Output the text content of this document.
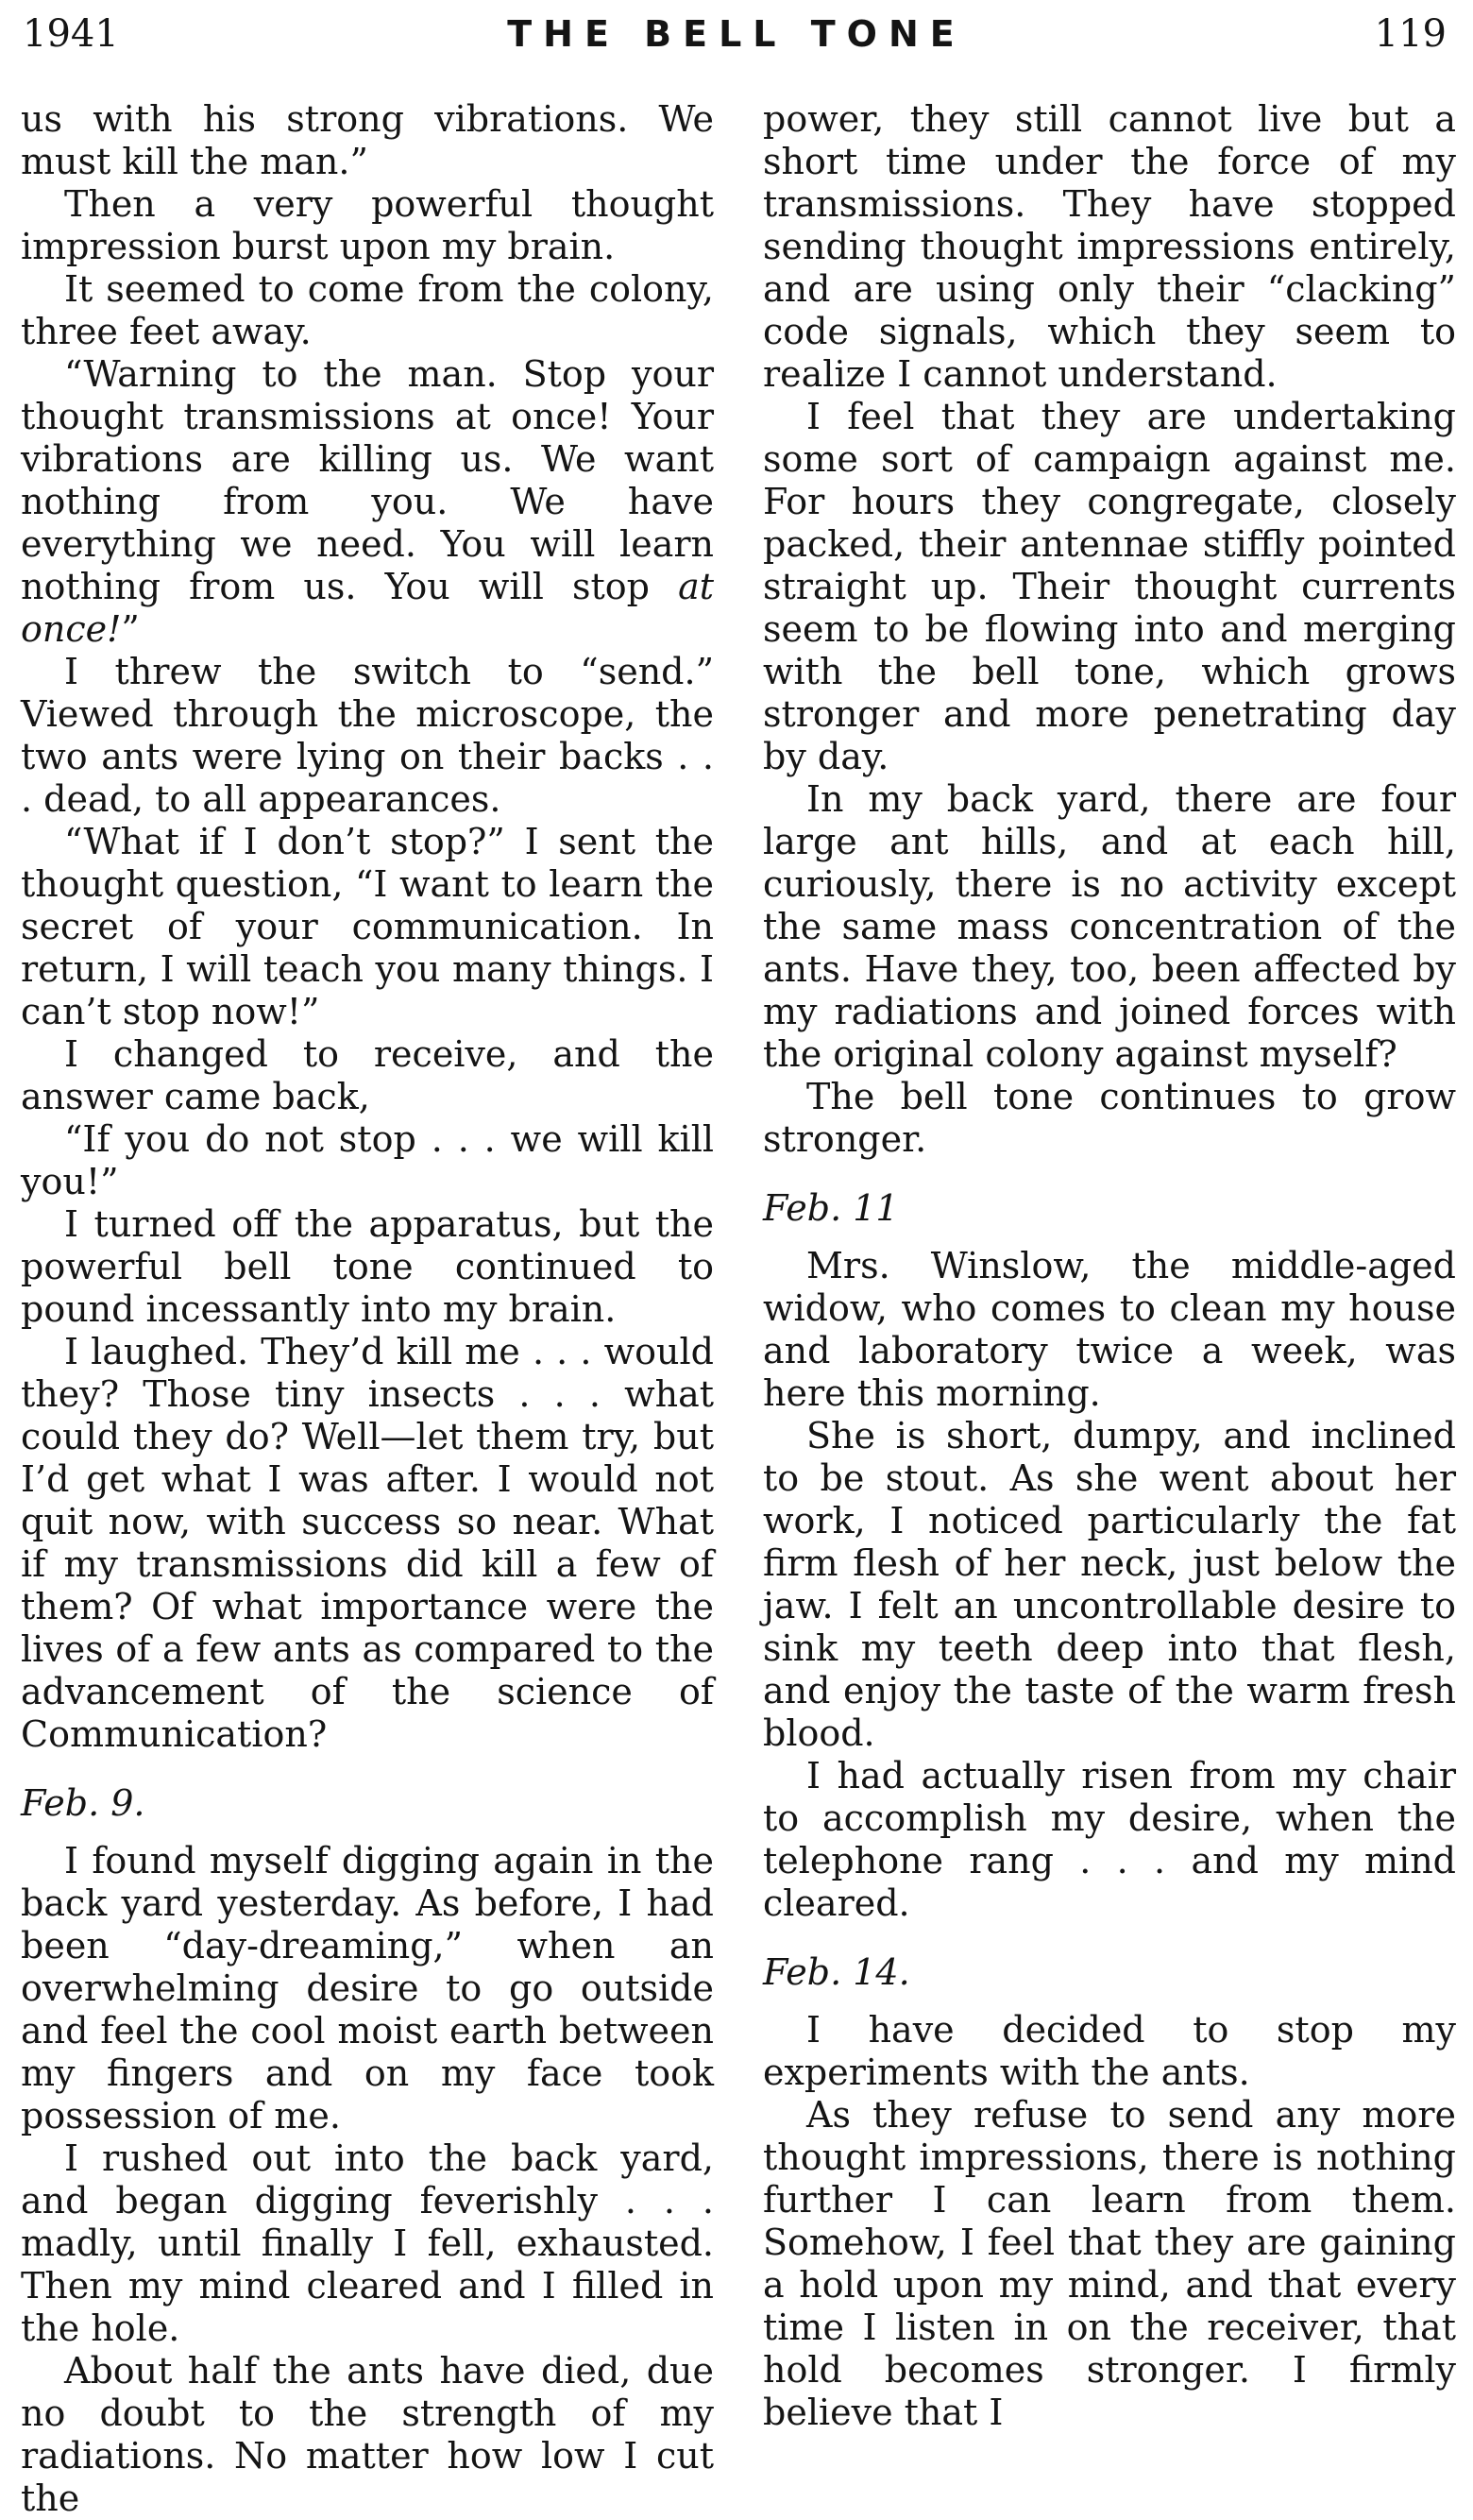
1941	THE BELL TONE	119

us with his strong vibrations. We must kill the man.”

Then a very powerful thought impression burst upon my brain.

It seemed to come from the colony, three feet away.

“Warning to the man. Stop your thought transmissions at once! Your vibrations are killing us. We want nothing from you. We have everything we need. You will learn nothing from us. You will stop at once!”

I threw the switch to “send.” Viewed through the microscope, the two ants were lying on their backs . . . dead, to all appearances.

“What if I don’t stop?” I sent the thought question, “I want to learn the secret of your communication. In return, I will teach you many things. I can’t stop now!”

I changed to receive, and the answer came back,

“If you do not stop . . . we will kill you!”

I turned off the apparatus, but the powerful bell tone continued to pound incessantly into my brain.

I laughed. They’d kill me . . . would they? Those tiny insects . . . what could they do? Well—let them try, but I’d get what I was after. I would not quit now, with success so near. What if my transmissions did kill a few of them? Of what importance were the lives of a few ants as compared to the advancement of the science of Communication?

Feb. 9.

I found myself digging again in the back yard yesterday. As before, I had been “day-dreaming,” when an overwhelming desire to go outside and feel the cool moist earth between my fingers and on my face took possession of me.

I rushed out into the back yard, and began digging feverishly . . . madly, until finally I fell, exhausted. Then my mind cleared and I filled in the hole.

About half the ants have died, due no doubt to the strength of my radiations. No matter how low I cut the

power, they still cannot live but a short time under the force of my transmissions. They have stopped sending thought impressions entirely, and are using only their “clacking” code signals, which they seem to realize I cannot understand.

I feel that they are undertaking some sort of campaign against me. For hours they congregate, closely packed, their antennae stiffly pointed straight up. Their thought currents seem to be flowing into and merging with the bell tone, which grows stronger and more penetrating day by day.

In my back yard, there are four large ant hills, and at each hill, curiously, there is no activity except the same mass concentration of the ants. Have they, too, been affected by my radiations and joined forces with the original colony against myself?

The bell tone continues to grow stronger.

Feb. 11

Mrs. Winslow, the middle-aged widow, who comes to clean my house and laboratory twice a week, was here this morning.

She is short, dumpy, and inclined to be stout. As she went about her work, I noticed particularly the fat firm flesh of her neck, just below the jaw. I felt an uncontrollable desire to sink my teeth deep into that flesh, and enjoy the taste of the warm fresh blood.

I had actually risen from my chair to accomplish my desire, when the telephone rang . . . and my mind cleared.

Feb. 14.

I have decided to stop my experiments with the ants.

As they refuse to send any more thought impressions, there is nothing further I can learn from them. Somehow, I feel that they are gaining a hold upon my mind, and that every time I listen in on the receiver, that hold becomes stronger. I firmly believe that I
